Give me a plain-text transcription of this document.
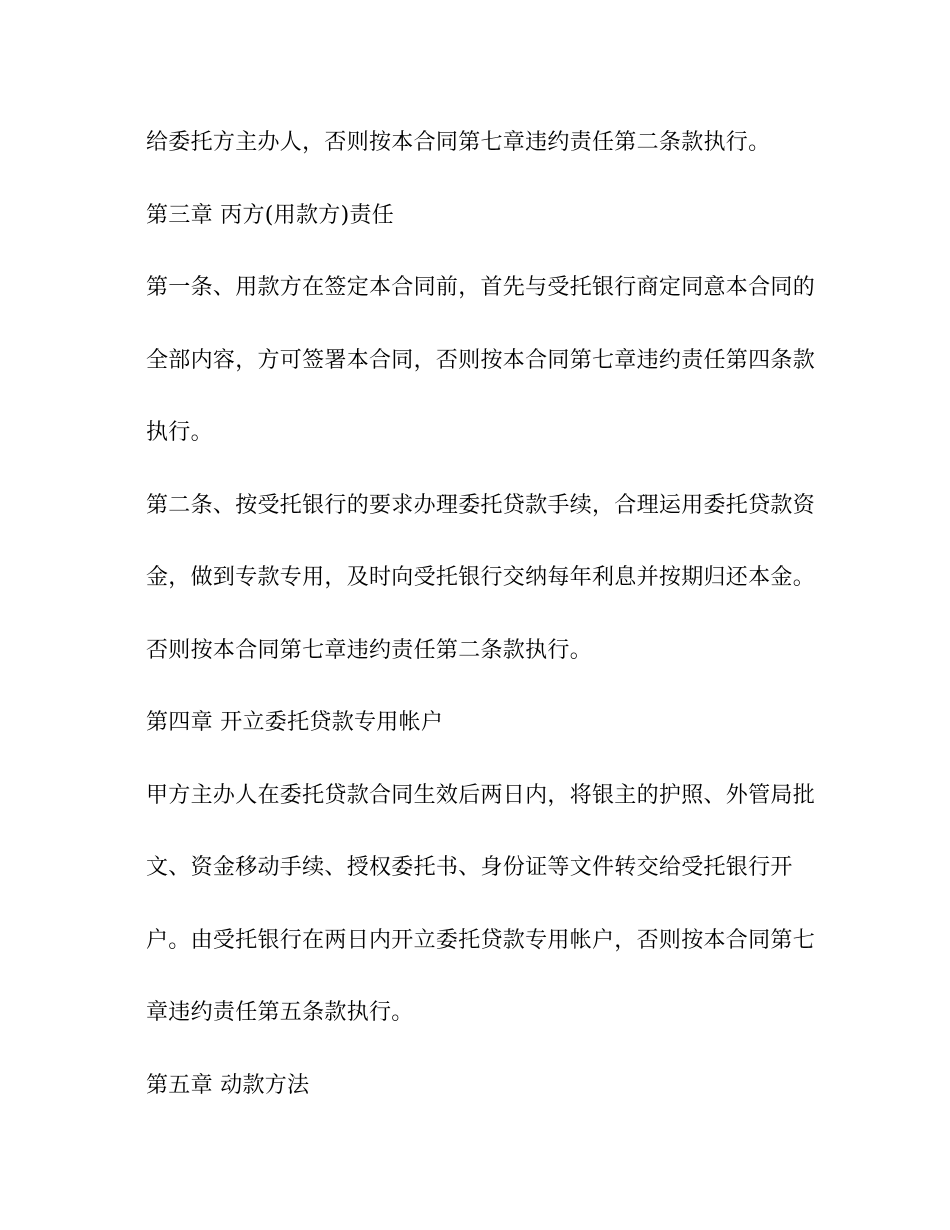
给委托方主办人，否则按本合同第七章违约责任第二条款执行。
第三章 丙方(用款方)责任
第一条、用款方在签定本合同前，首先与受托银行商定同意本合同的
全部内容，方可签署本合同，否则按本合同第七章违约责任第四条款
执行。
第二条、按受托银行的要求办理委托贷款手续，合理运用委托贷款资
金，做到专款专用，及时向受托银行交纳每年利息并按期归还本金。
否则按本合同第七章违约责任第二条款执行。
第四章 开立委托贷款专用帐户
甲方主办人在委托贷款合同生效后两日内，将银主的护照、外管局批
文、资金移动手续、授权委托书、身份证等文件转交给受托银行开
户。由受托银行在两日内开立委托贷款专用帐户，否则按本合同第七
章违约责任第五条款执行。
第五章 动款方法
